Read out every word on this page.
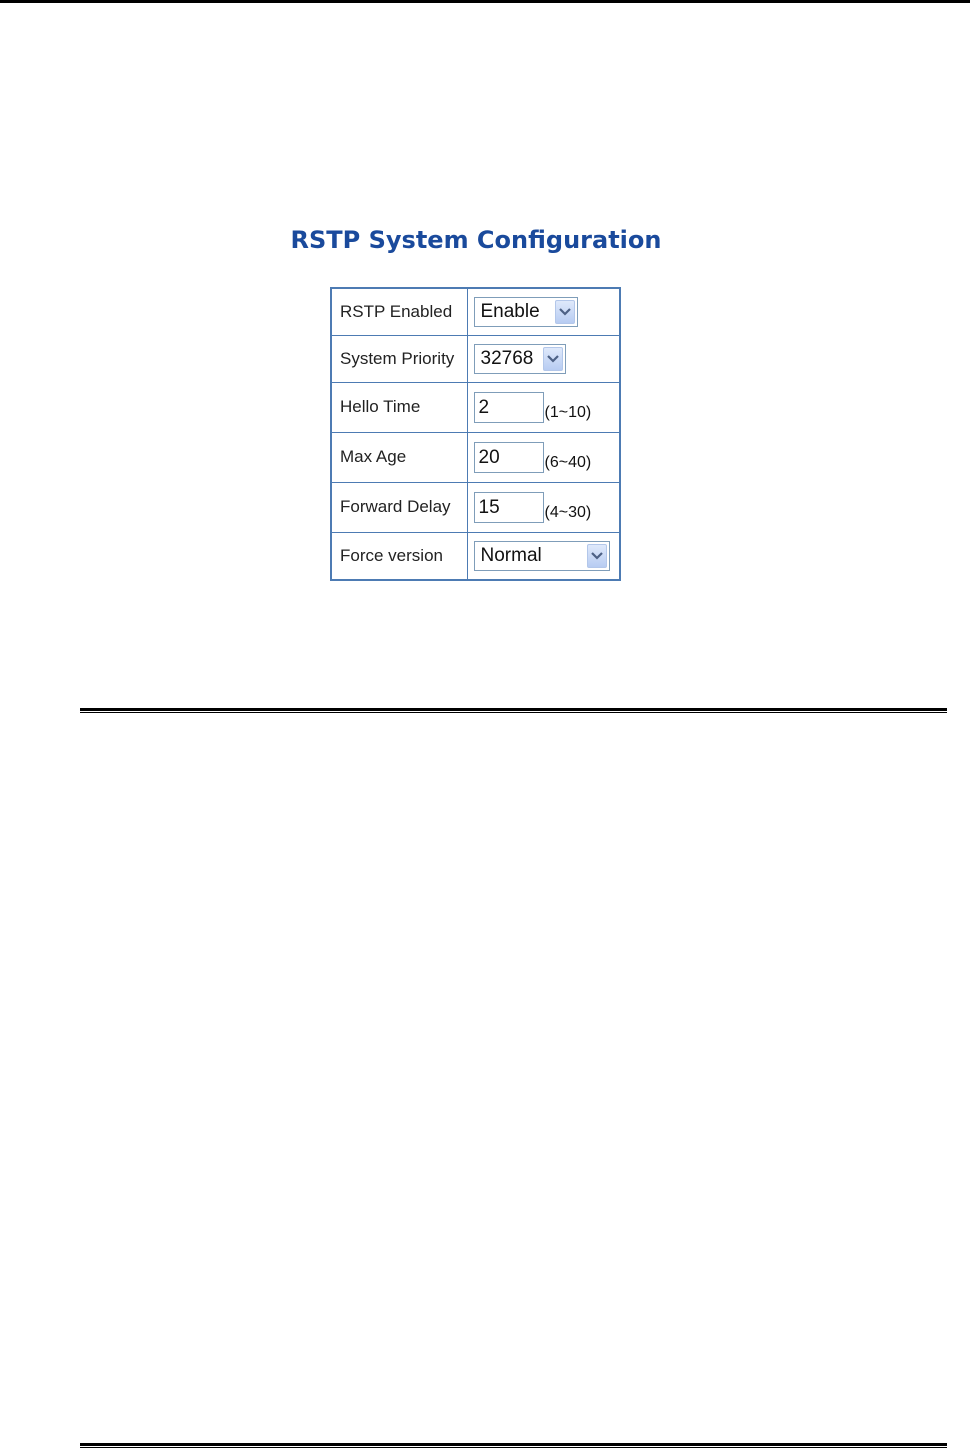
RSTP System Configuration
RSTP Enabled	Enable

System Priority	32768

Hello Time	2 (1~10)
Max Age	20 (6~40)
Forward Delay	15 (4~30)
Force version	Normal
